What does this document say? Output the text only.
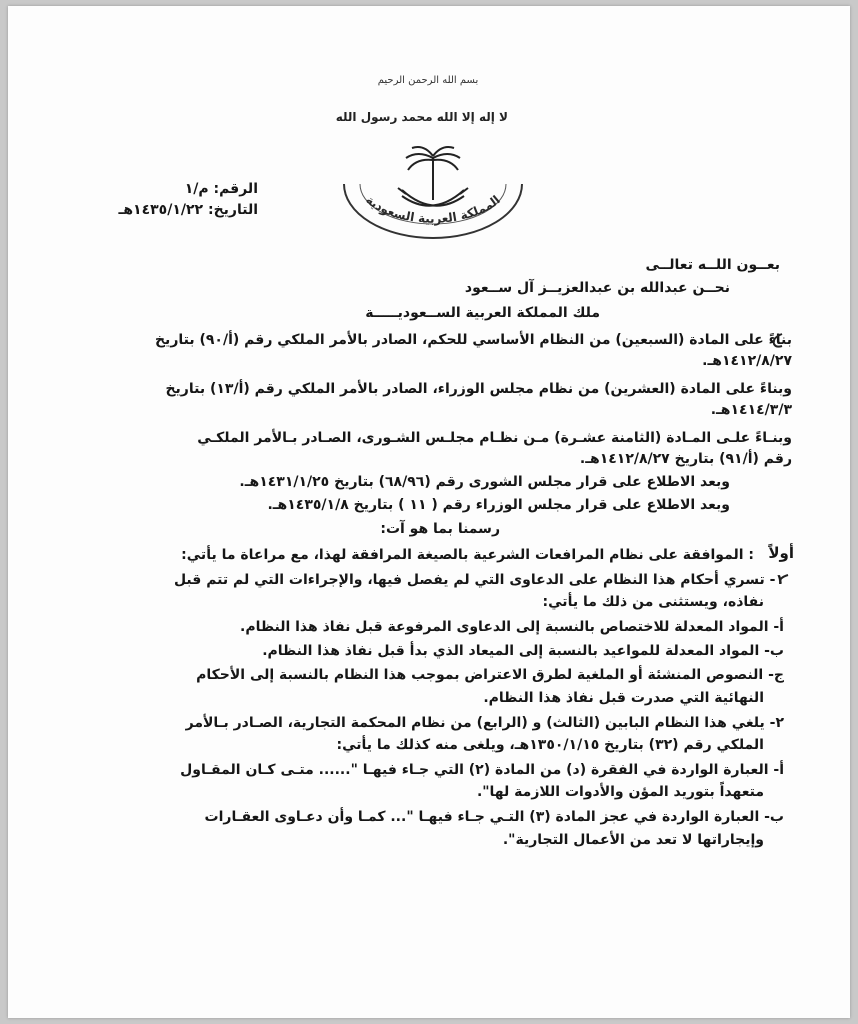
بسم الله الرحمن الرحيم
لا إله إلا الله محمد رسول الله
المملكة العربية السعودية
الرقم: م/١
التاريخ: ١٤٣٥/١/٢٢هـ
بعــون اللــه تعالــى
نحــن عبدالله بن عبدالعزيــز آل ســعود
ملك المملكة العربية الســعوديـــــة
بناءً على المادة (السبعين) من النظام الأساسي للحكم، الصادر بالأمر الملكي رقم (أ/٩٠) بتاريخ
١٤١٢/٨/٢٧هـ.
وبناءً على المادة (العشرين) من نظام مجلس الوزراء، الصادر بالأمر الملكي رقم (أ/١٣) بتاريخ
١٤١٤/٣/٣هـ.
وبنـاءً علـى المـادة (الثامنة عشـرة) مـن نظـام مجلـس الشـورى، الصـادر بـالأمر الملكـي
رقم (أ/٩١) بتاريخ ١٤١٢/٨/٢٧هـ.
وبعد الاطلاع على قرار مجلس الشورى رقم (٦٨/٩٦) بتاريخ ١٤٣١/١/٢٥هـ.
وبعد الاطلاع على قرار مجلس الوزراء رقم ( ١١ ) بتاريخ ١٤٣٥/١/٨هـ.
رسمنا بما هو آت:
أولاً
: الموافقة على نظام المرافعات الشرعية بالصيغة المرافقة لهذا، مع مراعاة ما يأتي:
١- تسري أحكام هذا النظام على الدعاوى التي لم يفصل فيها، والإجراءات التي لم تتم قبل
نفاذه، ويستثنى من ذلك ما يأتي:
أ- المواد المعدلة للاختصاص بالنسبة إلى الدعاوى المرفوعة قبل نفاذ هذا النظام.
ب- المواد المعدلة للمواعيد بالنسبة إلى الميعاد الذي بدأ قبل نفاذ هذا النظام.
ج- النصوص المنشئة أو الملغية لطرق الاعتراض بموجب هذا النظام بالنسبة إلى الأحكام
النهائية التي صدرت قبل نفاذ هذا النظام.
٢- يلغي هذا النظام البابين (الثالث) و (الرابع) من نظام المحكمة التجارية، الصـادر بـالأمر
الملكي رقم (٣٢) بتاريخ ١٣٥٠/١/١٥هـ، ويلغى منه كذلك ما يأتي:
أ- العبارة الواردة في الفقرة (د) من المادة (٢) التي جـاء فيهـا "...... متـى كـان المقـاول
متعهداً بتوريد المؤن والأدوات اللازمة لها".
ب- العبارة الواردة في عجز المادة (٣) التـي جـاء فيهـا "... كمـا وأن دعـاوى العقـارات
وإيجاراتها لا تعد من الأعمال التجارية".
